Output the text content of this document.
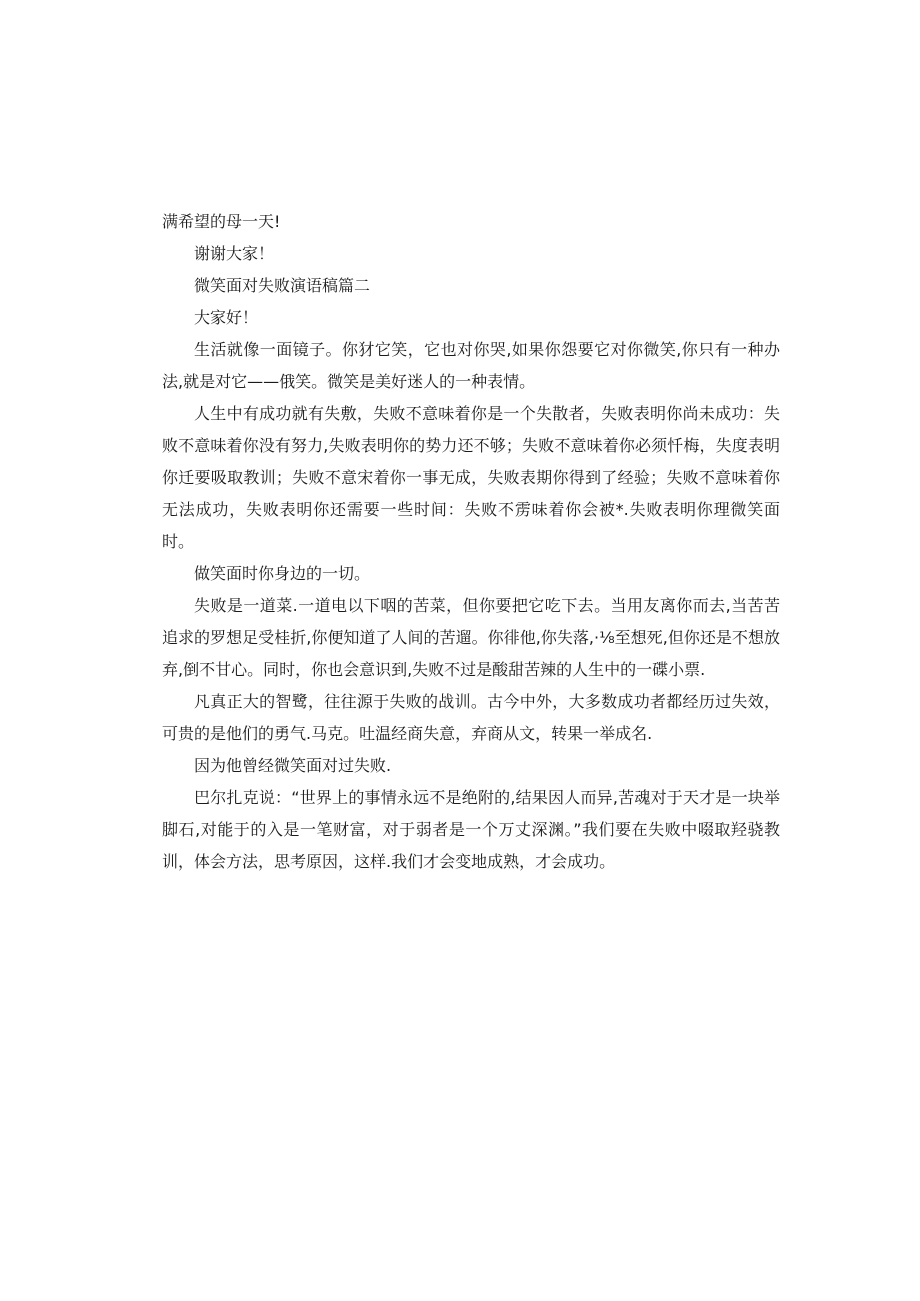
满希望的母一天!

谢谢大家！

微笑面对失败演语稿篇二

大家好！

生活就像一面镜子。你犲它笑，它也对你哭,如果你怨要它对你微笑,你只有一种办法,就是对它——俄笑。微笑是美好迷人的一种表情。

人生中有成功就有失敷，失败不意味着你是一个失散者，失败表明你尚未成功：失败不意味着你没有努力,失败表明你的势力还不够；失败不意味着你必须忏梅，失度表明你迁要吸取教训；失败不意宋着你一事无成，失败表期你得到了经验；失败不意味着你无法成功，失败表明你还需要一些时间：失败不雳味着你会被*.失败表明你理微笑面时。

做笑面时你身边的一切。

失败是一道菜.一道电以下咽的苦菜，但你要把它吃下去。当用友离你而去,当苦苦追求的罗想足受桂折,你便知道了人间的苦遛。你徘他,你失落,·⅛至想死,但你还是不想放弃,倒不甘心。同时，你也会意识到,失败不过是酸甜苦辣的人生中的一碟小票.

凡真正大的智鹭，往往源于失败的战训。古今中外，大多数成功者都经历过失效，可贵的是他们的勇气.马克。吐温经商失意，弃商从文，转果一举成名.

因为他曾经微笑面对过失败.

巴尔扎克说：“世界上的事情永远不是绝附的,结果因人而异,苦魂对于天才是一块举脚石,对能于的入是一笔财富，对于弱者是一个万丈深渊。”我们要在失败中啜取羟骁教训，体会方法，思考原因，这样.我们才会变地成熟，才会成功。
